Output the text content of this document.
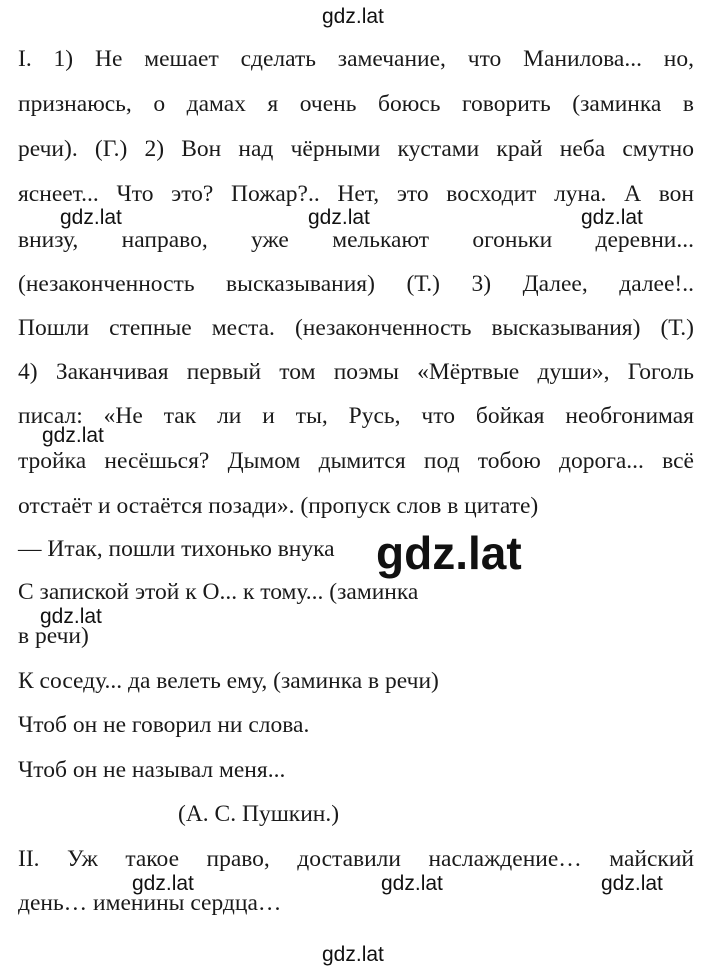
gdz.lat
I. 1) Не мешает сделать замечание, что Манилова... но,
признаюсь, о дамах я очень боюсь говорить (заминка в
речи). (Г.) 2) Вон над чёрными кустами край неба смутно
яснеет... Что это? Пожар?.. Нет, это восходит луна. А вон
внизу, направо, уже мелькают огоньки деревни...
(незаконченность высказывания) (Т.) 3) Далее, далее!..
Пошли степные места. (незаконченность высказывания) (Т.)
4) Заканчивая первый том поэмы «Мёртвые души», Гоголь
писал: «Не так ли и ты, Русь, что бойкая необгонимая
тройка несёшься? Дымом дымится под тобою дорога... всё
отстаёт и остаётся позади». (пропуск слов в цитате)
— Итак, пошли тихонько внука
С запиской этой к О... к тому... (заминка
в речи)
К соседу... да велеть ему, (заминка в речи)
Чтоб он не говорил ни слова.
Чтоб он не называл меня...
(А. С. Пушкин.)
II. Уж такое право, доставили наслаждение… майский
день… именины сердца…
gdz.lat	gdz.lat	gdz.lat
gdz.lat
gdz.lat
gdz.lat
gdz.lat	gdz.lat	gdz.lat
gdz.lat
